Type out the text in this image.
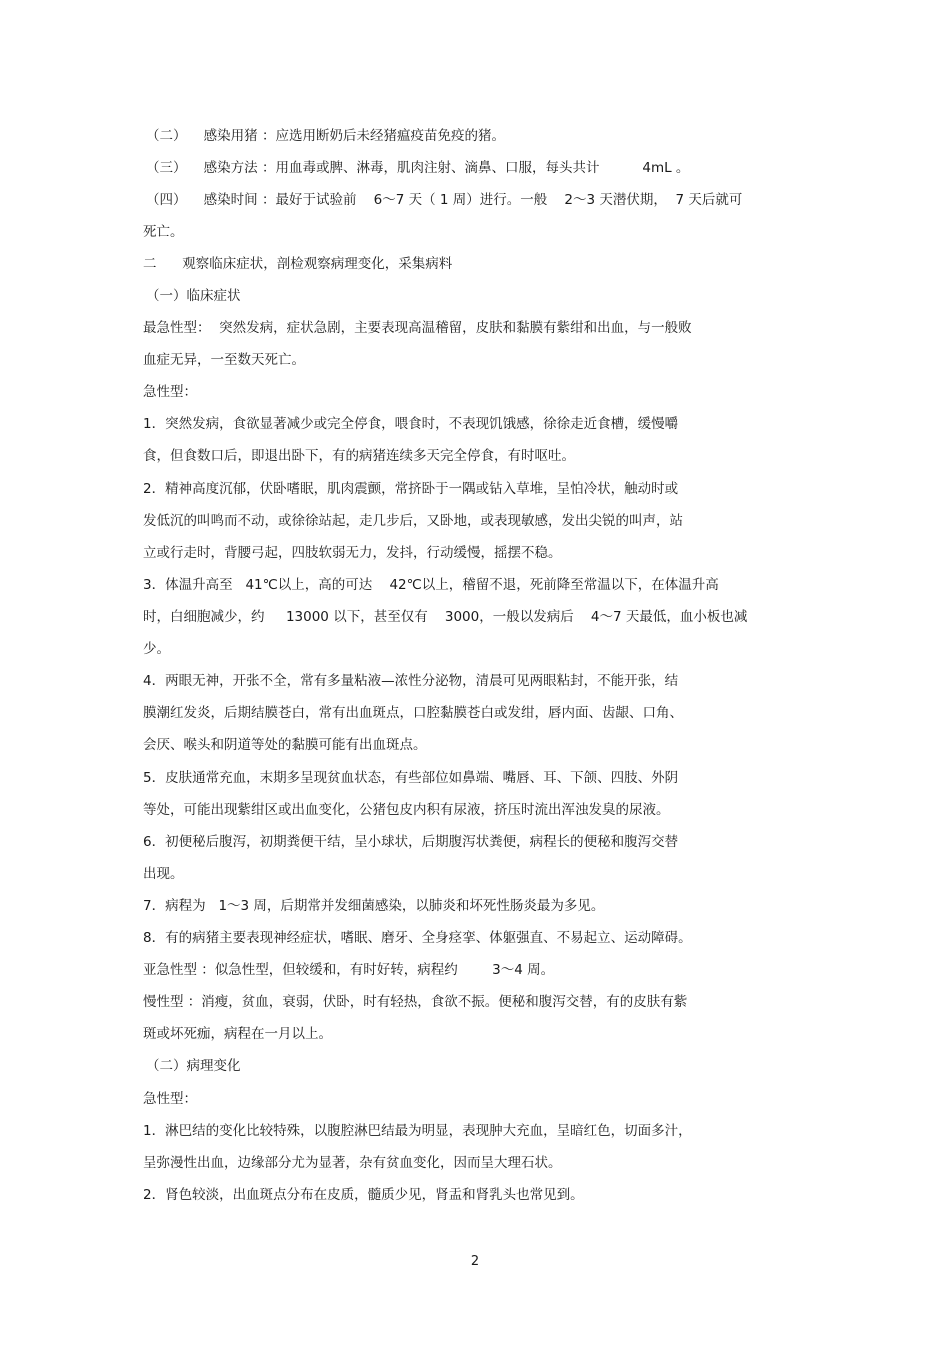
（二）    感染用猪 ：应选用断奶后未经猪瘟疫苗免疫的猪。
（三）    感染方法 ：用血毒或脾、淋毒，肌肉注射、滴鼻、口服，每头共计          4mL 。
（四）    感染时间 ：最好于试验前    6～7 天（ 1 周）进行。一般    2～3 天潜伏期，  7 天后就可
死亡。
二      观察临床症状，剖检观察病理变化，采集病料
（一）临床症状
最急性型：  突然发病，症状急剧，主要表现高温稽留，皮肤和黏膜有紫绀和出血，与一般败
血症无异，一至数天死亡。
急性型：
1．突然发病，食欲显著减少或完全停食，喂食时，不表现饥饿感，徐徐走近食槽，缓慢嚼
食，但食数口后，即退出卧下，有的病猪连续多天完全停食，有时呕吐。
2．精神高度沉郁，伏卧嗜眠，肌肉震颤，常挤卧于一隅或钻入草堆，呈怕冷状，触动时或
发低沉的叫鸣而不动，或徐徐站起，走几步后，又卧地，或表现敏感，发出尖锐的叫声，站
立或行走时，背腰弓起，四肢软弱无力，发抖，行动缓慢，摇摆不稳。
3．体温升高至   41℃以上，高的可达    42℃以上，稽留不退，死前降至常温以下，在体温升高
时，白细胞减少，约     13000 以下，甚至仅有    3000，一般以发病后    4～7 天最低，血小板也减
少。
4．两眼无神，开张不全，常有多量粘液—浓性分泌物，清晨可见两眼粘封，不能开张，结
膜潮红发炎，后期结膜苍白，常有出血斑点，口腔黏膜苍白或发绀，唇内面、齿龈、口角、
会厌、喉头和阴道等处的黏膜可能有出血斑点。
5．皮肤通常充血，末期多呈现贫血状态，有些部位如鼻端、嘴唇、耳、下颌、四肢、外阴
等处，可能出现紫绀区或出血变化，公猪包皮内积有尿液，挤压时流出浑浊发臭的尿液。
6．初便秘后腹泻，初期粪便干结，呈小球状，后期腹泻状粪便，病程长的便秘和腹泻交替
出现。
7．病程为   1～3 周，后期常并发细菌感染，以肺炎和坏死性肠炎最为多见。
8．有的病猪主要表现神经症状，嗜眠、磨牙、全身痉挛、体躯强直、不易起立、运动障碍。
亚急性型 ：似急性型，但较缓和，有时好转，病程约        3～4 周。
慢性型 ：消瘦，贫血，衰弱，伏卧，时有轻热，食欲不振。便秘和腹泻交替，有的皮肤有紫
斑或坏死痂，病程在一月以上。
（二）病理变化
急性型：
1．淋巴结的变化比较特殊，以腹腔淋巴结最为明显，表现肿大充血，呈暗红色，切面多汁，
呈弥漫性出血，边缘部分尤为显著，杂有贫血变化，因而呈大理石状。
2．肾色较淡，出血斑点分布在皮质，髓质少见，肾盂和肾乳头也常见到。
2
